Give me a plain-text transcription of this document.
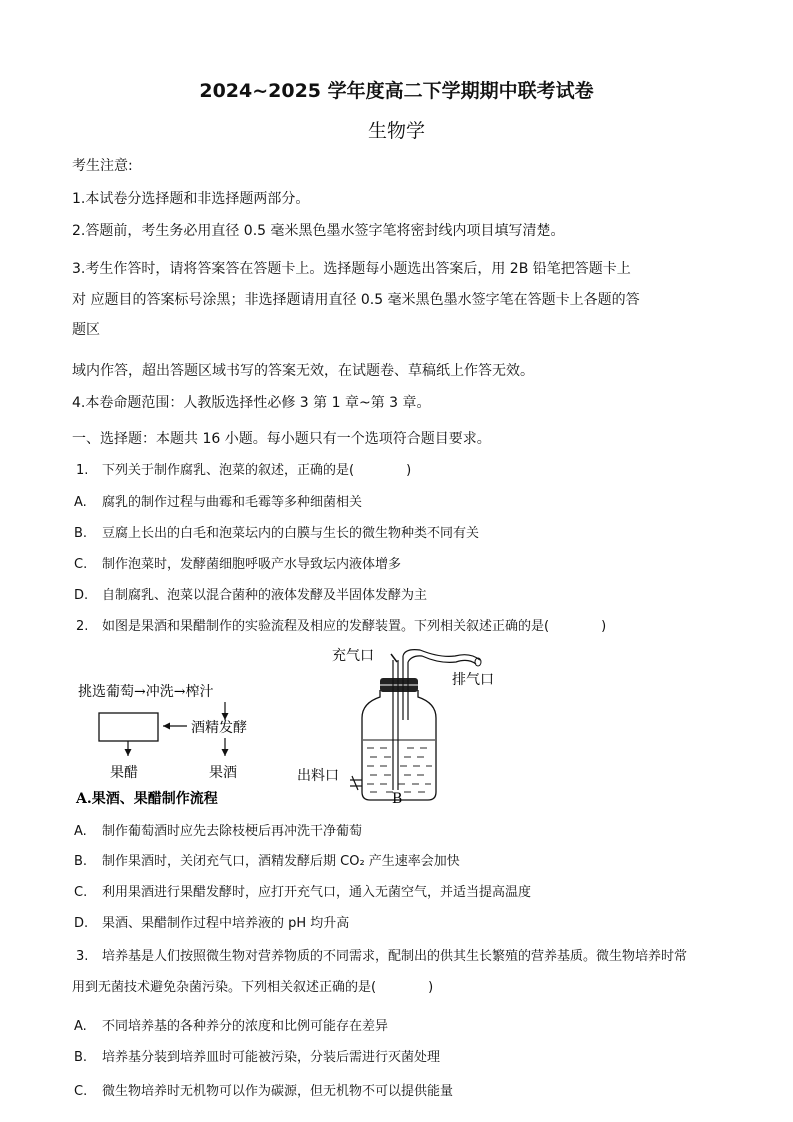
2024~2025 学年度高二下学期期中联考试卷
生物学
考生注意:
1.本试卷分选择题和非选择题两部分。
2.答题前，考生务必用直径 0.5 毫米黑色墨水签字笔将密封线内项目填写清楚。
3.考生作答时，请将答案答在答题卡上。选择题每小题选出答案后，用 2B 铅笔把答题卡上
对 应题目的答案标号涂黑；非选择题请用直径 0.5 毫米黑色墨水签字笔在答题卡上各题的答
题区
域内作答，超出答题区域书写的答案无效，在试题卷、草稿纸上作答无效。
4.本卷命题范围：人教版选择性必修 3 第 1 章~第 3 章。
一、选择题：本题共 16 小题。每小题只有一个选项符合题目要求。
1. 下列关于制作腐乳、泡菜的叙述，正确的是(　　　　)
A. 腐乳的制作过程与曲霉和毛霉等多种细菌相关
B. 豆腐上长出的白毛和泡菜坛内的白膜与生长的微生物种类不同有关
C. 制作泡菜时，发酵菌细胞呼吸产水导致坛内液体增多
D. 自制腐乳、泡菜以混合菌种的液体发酵及半固体发酵为主
2. 如图是果酒和果醋制作的实验流程及相应的发酵装置。下列相关叙述正确的是(　　　　)
挑选葡萄→冲洗→榨汁
酒精发酵
果醋	果酒
A.果酒、果醋制作流程
充气口
排气口
出料口
B
A. 制作葡萄酒时应先去除枝梗后再冲洗干净葡萄
B. 制作果酒时，关闭充气口，酒精发酵后期 CO₂ 产生速率会加快
C. 利用果酒进行果醋发酵时，应打开充气口，通入无菌空气，并适当提高温度
D. 果酒、果醋制作过程中培养液的 pH 均升高
3. 培养基是人们按照微生物对营养物质的不同需求，配制出的供其生长繁殖的营养基质。微生物培养时常
用到无菌技术避免杂菌污染。下列相关叙述正确的是(　　　　)
A. 不同培养基的各种养分的浓度和比例可能存在差异
B. 培养基分装到培养皿时可能被污染，分装后需进行灭菌处理
C. 微生物培养时无机物可以作为碳源，但无机物不可以提供能量
